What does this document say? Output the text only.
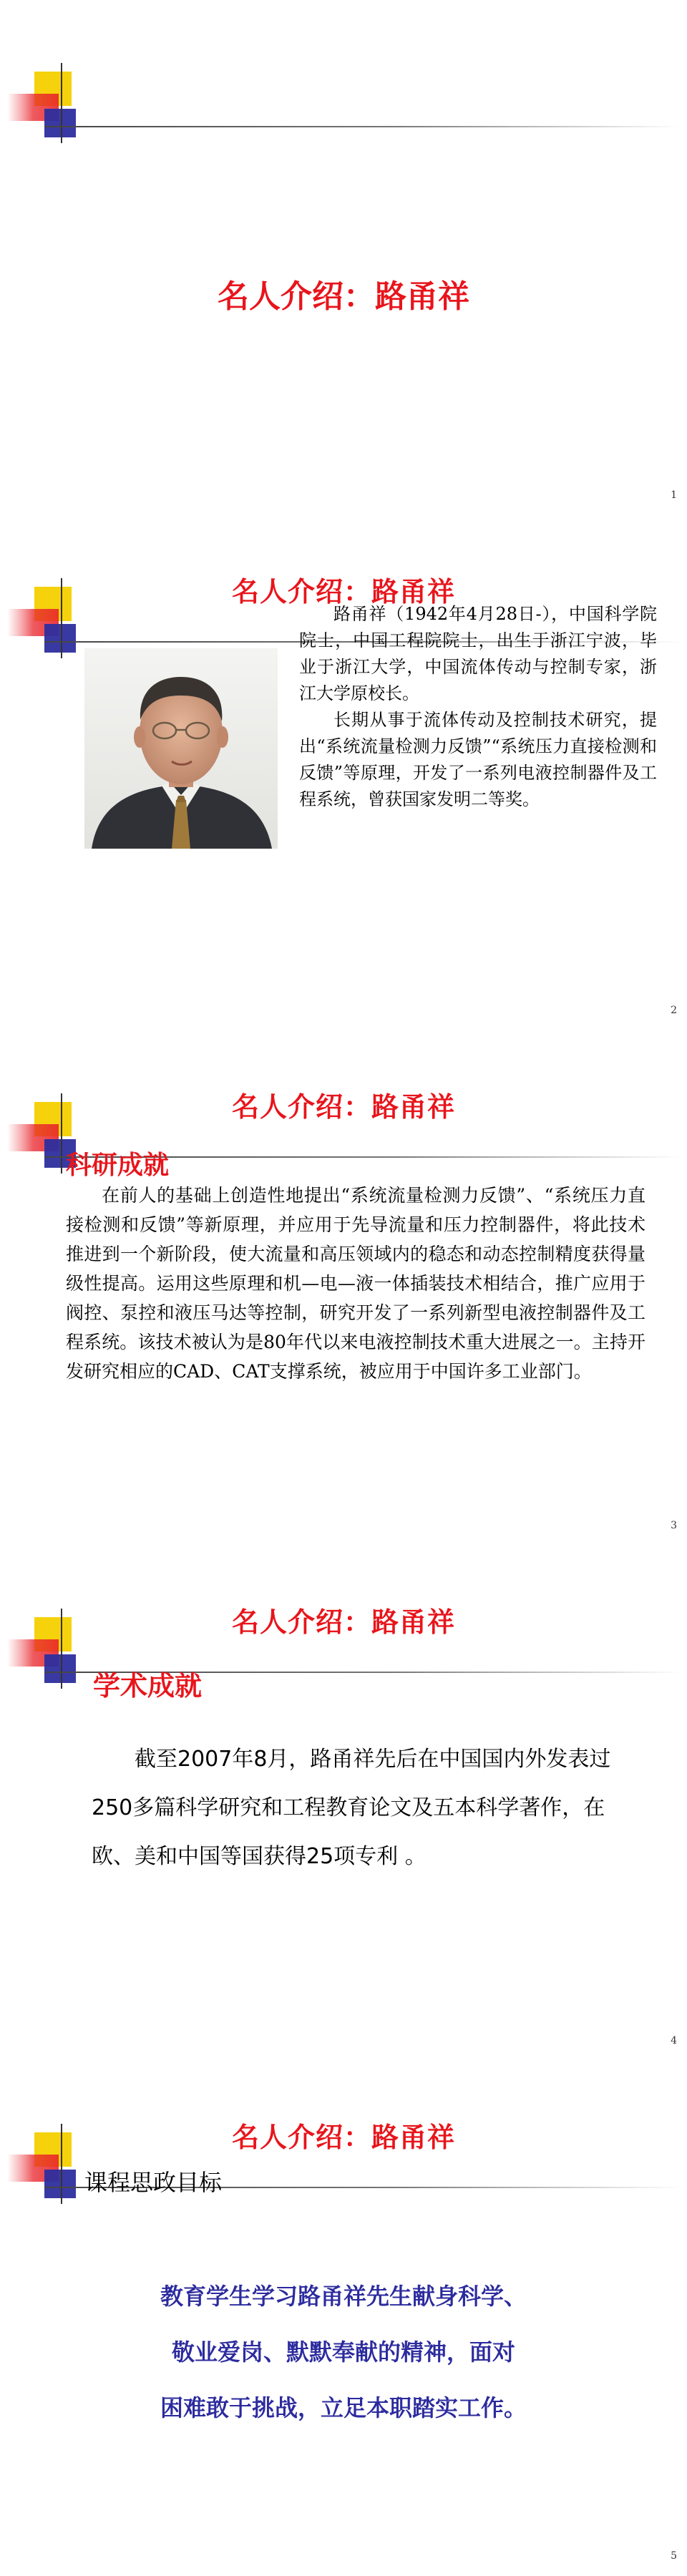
名人介绍：路甬祥
1
名人介绍：路甬祥

路甬祥（1942年4月28日-），中国科学院院士，中国工程院院士，出生于浙江宁波，毕业于浙江大学，中国流体传动与控制专家，浙江大学原校长。

长期从事于流体传动及控制技术研究，提出“系统流量检测力反馈”“系统压力直接检测和反馈”等原理，开发了一系列电液控制器件及工程系统，曾获国家发明二等奖。

2
名人介绍：路甬祥
科研成就

在前人的基础上创造性地提出“系统流量检测力反馈”、“系统压力直接检测和反馈”等新原理，并应用于先导流量和压力控制器件，将此技术推进到一个新阶段，使大流量和高压领域内的稳态和动态控制精度获得量级性提高。运用这些原理和机—电—液一体插装技术相结合，推广应用于阀控、泵控和液压马达等控制，研究开发了一系列新型电液控制器件及工程系统。该技术被认为是80年代以来电液控制技术重大进展之一。主持开发研究相应的CAD、CAT支撑系统，被应用于中国许多工业部门。

3
名人介绍：路甬祥
学术成就

截至2007年8月，路甬祥先后在中国国内外发表过250多篇科学研究和工程教育论文及五本科学著作，在欧、美和中国等国获得25项专利 。

4
名人介绍：路甬祥
课程思政目标

教育学生学习路甬祥先生献身科学、

敬业爱岗、默默奉献的精神，面对

困难敢于挑战，立足本职踏实工作。

5
